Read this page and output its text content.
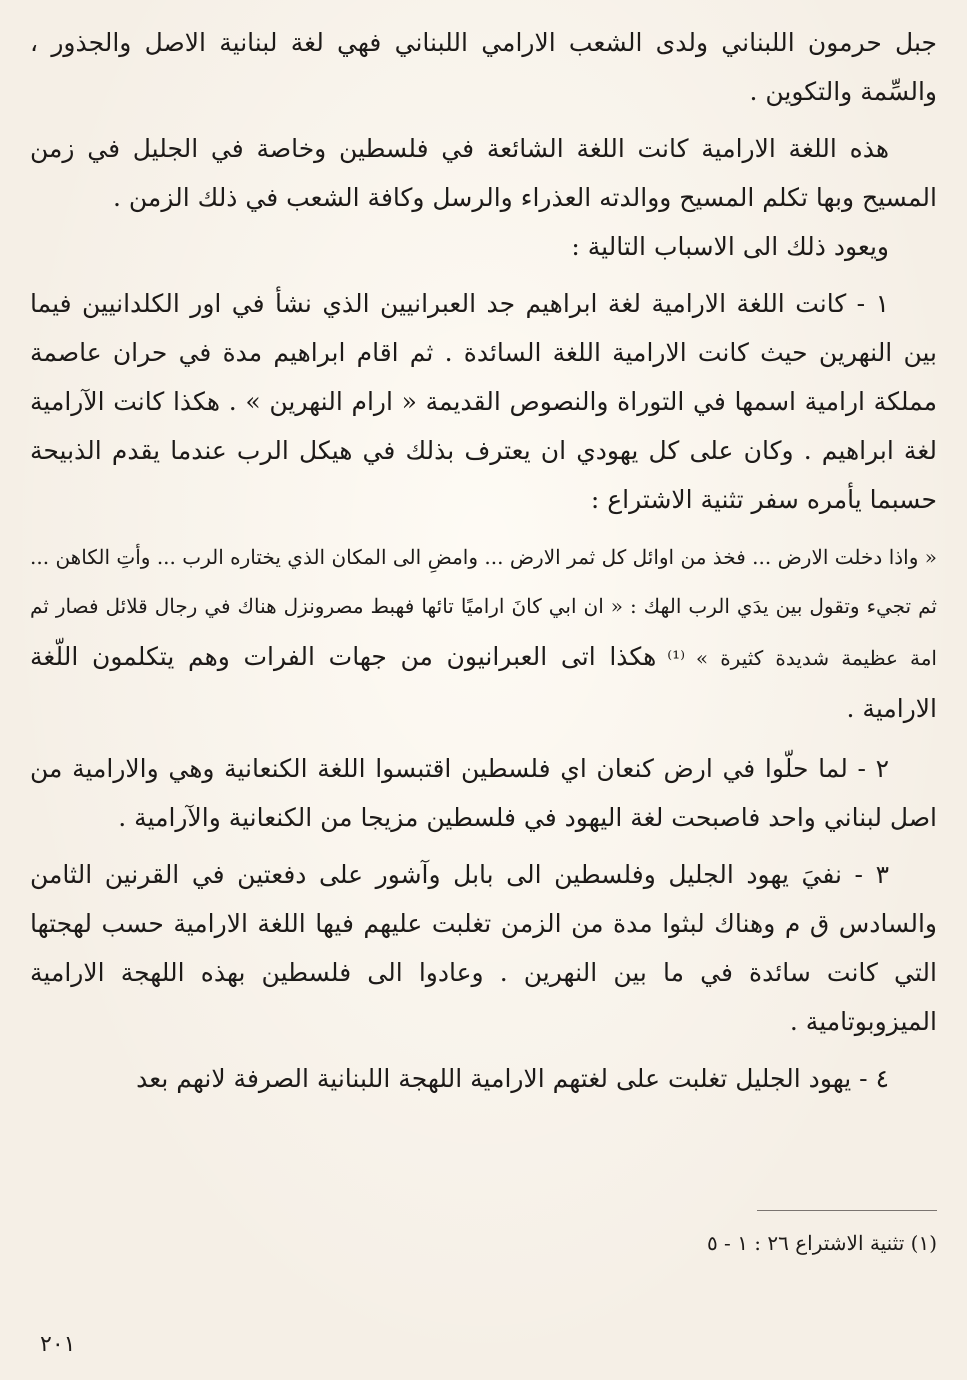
جبل حرمون اللبناني ولدى الشعب الارامي اللبناني فهي لغة لبنانية الاصل والجذور ، والسِّمة والتكوين .

هذه اللغة الارامية كانت اللغة الشائعة في فلسطين وخاصة في الجليل في زمن المسيح وبها تكلم المسيح ووالدته العذراء والرسل وكافة الشعب في ذلك الزمن .

ويعود ذلك الى الاسباب التالية :

١ - كانت اللغة الارامية لغة ابراهيم جد العبرانيين الذي نشأ في اور الكلدانيين فيما بين النهرين حيث كانت الارامية اللغة السائدة . ثم اقام ابراهيم مدة في حران عاصمة مملكة ارامية اسمها في التوراة والنصوص القديمة « ارام النهرين » . هكذا كانت الآرامية لغة ابراهيم . وكان على كل يهودي ان يعترف بذلك في هيكل الرب عندما يقدم الذبيحة حسبما يأمره سفر تثنية الاشتراع :

« واذا دخلت الارض ... فخذ من اوائل كل ثمر الارض ... وامضِ الى المكان الذي يختاره الرب ... وأتِ الكاهن ... ثم تجيء وتقول بين يدَي الرب الهك : « ان ابي كانَ اراميًا تائها فهبط مصرونزل هناك في رجال قلائل فصار ثم امة عظيمة شديدة كثيرة » ⁽¹⁾ هكذا اتى العبرانيون من جهات الفرات وهم يتكلمون اللّغة الارامية .

٢ - لما حلّوا في ارض كنعان اي فلسطين اقتبسوا اللغة الكنعانية وهي والارامية من اصل لبناني واحد فاصبحت لغة اليهود في فلسطين مزيجا من الكنعانية والآرامية .

٣ - نفيَ يهود الجليل وفلسطين الى بابل وآشور على دفعتين في القرنين الثامن والسادس ق م وهناك لبثوا مدة من الزمن تغلبت عليهم فيها اللغة الارامية حسب لهجتها التي كانت سائدة في ما بين النهرين . وعادوا الى فلسطين بهذه اللهجة الارامية الميزوبوتامية .

٤ - يهود الجليل تغلبت على لغتهم الارامية اللهجة اللبنانية الصرفة لانهم بعد

(١) تثنية الاشتراع ٢٦ : ١ - ٥
٢٠١
